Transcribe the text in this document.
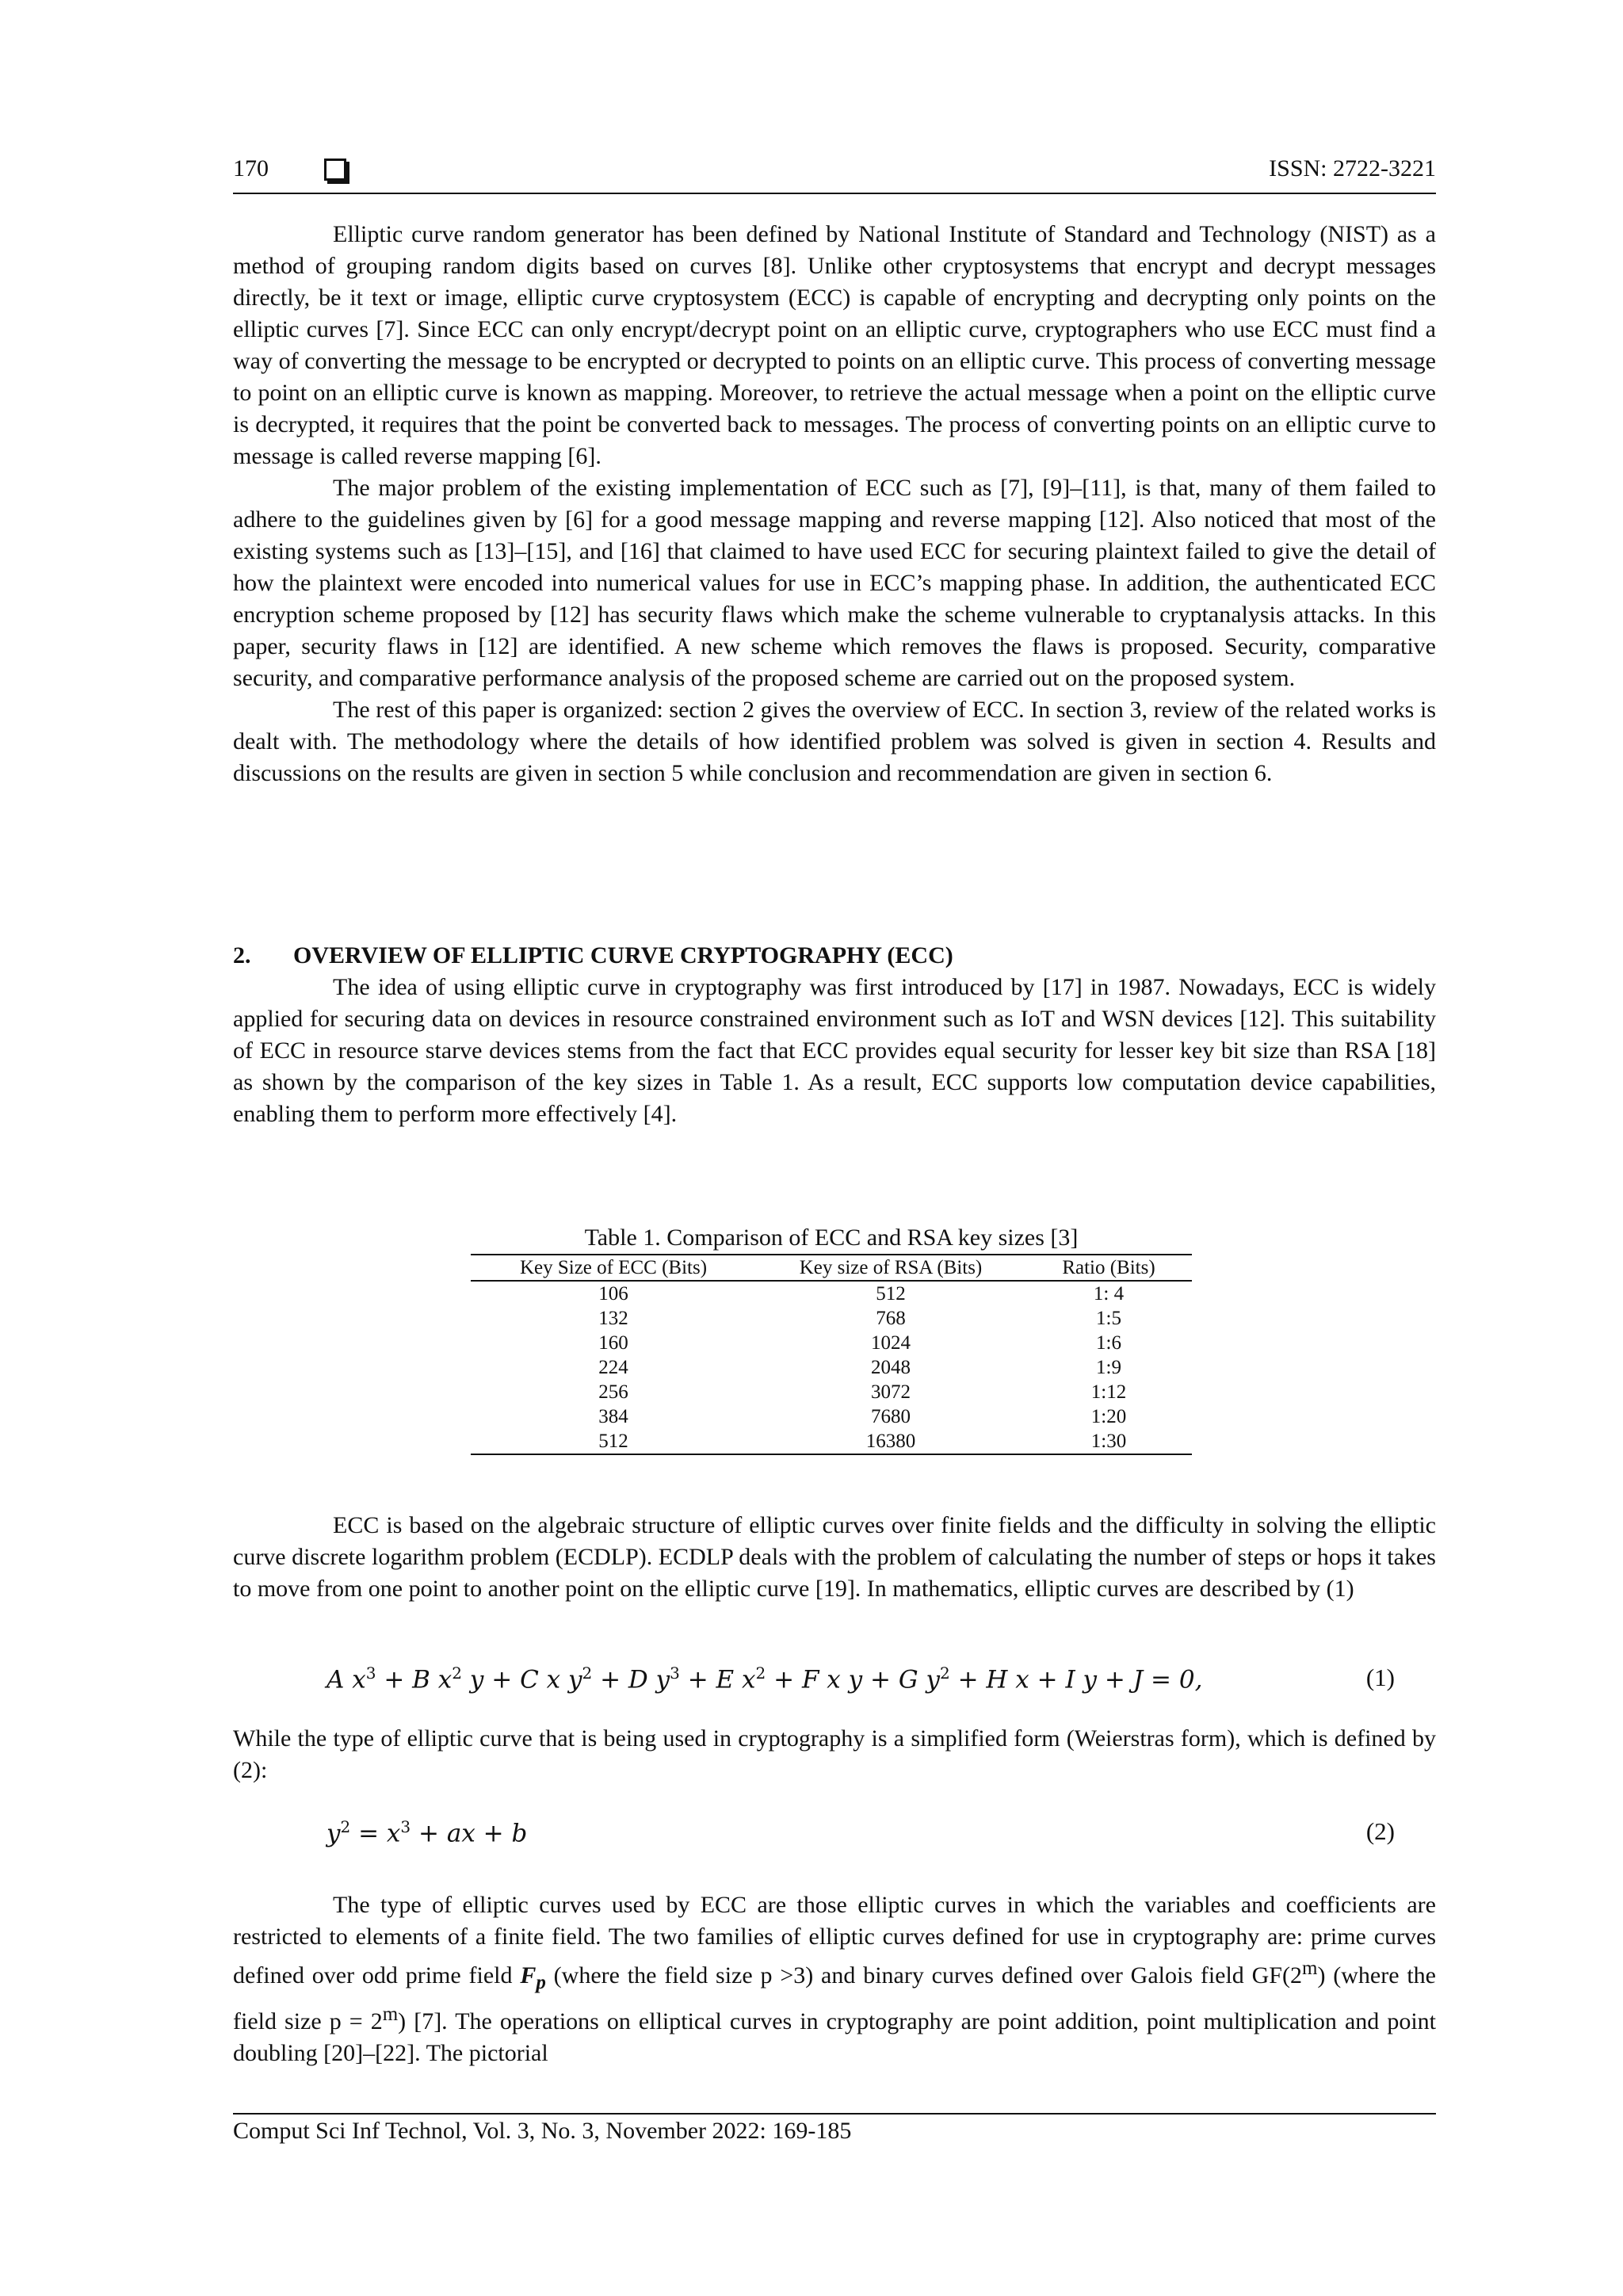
170	ISSN: 2722-3221

Elliptic curve random generator has been defined by National Institute of Standard and Technology (NIST) as a method of grouping random digits based on curves [8]. Unlike other cryptosystems that encrypt and decrypt messages directly, be it text or image, elliptic curve cryptosystem (ECC) is capable of encrypting and decrypting only points on the elliptic curves [7]. Since ECC can only encrypt/decrypt point on an elliptic curve, cryptographers who use ECC must find a way of converting the message to be encrypted or decrypted to points on an elliptic curve. This process of converting message to point on an elliptic curve is known as mapping. Moreover, to retrieve the actual message when a point on the elliptic curve is decrypted, it requires that the point be converted back to messages. The process of converting points on an elliptic curve to message is called reverse mapping [6].

The major problem of the existing implementation of ECC such as [7], [9]–[11], is that, many of them failed to adhere to the guidelines given by [6] for a good message mapping and reverse mapping [12]. Also noticed that most of the existing systems such as [13]–[15], and [16] that claimed to have used ECC for securing plaintext failed to give the detail of how the plaintext were encoded into numerical values for use in ECC’s mapping phase. In addition, the authenticated ECC encryption scheme proposed by [12] has security flaws which make the scheme vulnerable to cryptanalysis attacks. In this paper, security flaws in [12] are identified. A new scheme which removes the flaws is proposed. Security, comparative security, and comparative performance analysis of the proposed scheme are carried out on the proposed system.

The rest of this paper is organized: section 2 gives the overview of ECC. In section 3, review of the related works is dealt with. The methodology where the details of how identified problem was solved is given in section 4. Results and discussions on the results are given in section 5 while conclusion and recommendation are given in section 6.

2. OVERVIEW OF ELLIPTIC CURVE CRYPTOGRAPHY (ECC)

The idea of using elliptic curve in cryptography was first introduced by [17] in 1987. Nowadays, ECC is widely applied for securing data on devices in resource constrained environment such as IoT and WSN devices [12]. This suitability of ECC in resource starve devices stems from the fact that ECC provides equal security for lesser key bit size than RSA [18] as shown by the comparison of the key sizes in Table 1. As a result, ECC supports low computation device capabilities, enabling them to perform more effectively [4].

Table 1. Comparison of ECC and RSA key sizes [3]
Key Size of ECC (Bits)	Key size of RSA (Bits)	Ratio (Bits)
106	512	1: 4
132	768	1:5
160	1024	1:6
224	2048	1:9
256	3072	1:12
384	7680	1:20
512	16380	1:30

ECC is based on the algebraic structure of elliptic curves over finite fields and the difficulty in solving the elliptic curve discrete logarithm problem (ECDLP). ECDLP deals with the problem of calculating the number of steps or hops it takes to move from one point to another point on the elliptic curve [19]. In mathematics, elliptic curves are described by (1)

A $x^3 + B$ $x^2$ y + C x $y^2 + D$ $y^3 + E$ $x^2 + F$ x y + G $y^2 + H$ x + I y + J = 0,	(1)

While the type of elliptic curve that is being used in cryptography is a simplified form (Weierstras form), which is defined by (2):

$y^2 = x^3$ + ax + b	(2)

The type of elliptic curves used by ECC are those elliptic curves in which the variables and coefficients are restricted to elements of a finite field. The two families of elliptic curves defined for use in cryptography are: prime curves defined over odd prime field $F_p$ (where the field size p >3) and binary curves defined over Galois field GF(2$^m$) (where the field size $p = 2^m$) [7]. The operations on elliptical curves in cryptography are point addition, point multiplication and point doubling [20]–[22]. The pictorial

Comput Sci Inf Technol, Vol. 3, No. 3, November 2022: 169-185
